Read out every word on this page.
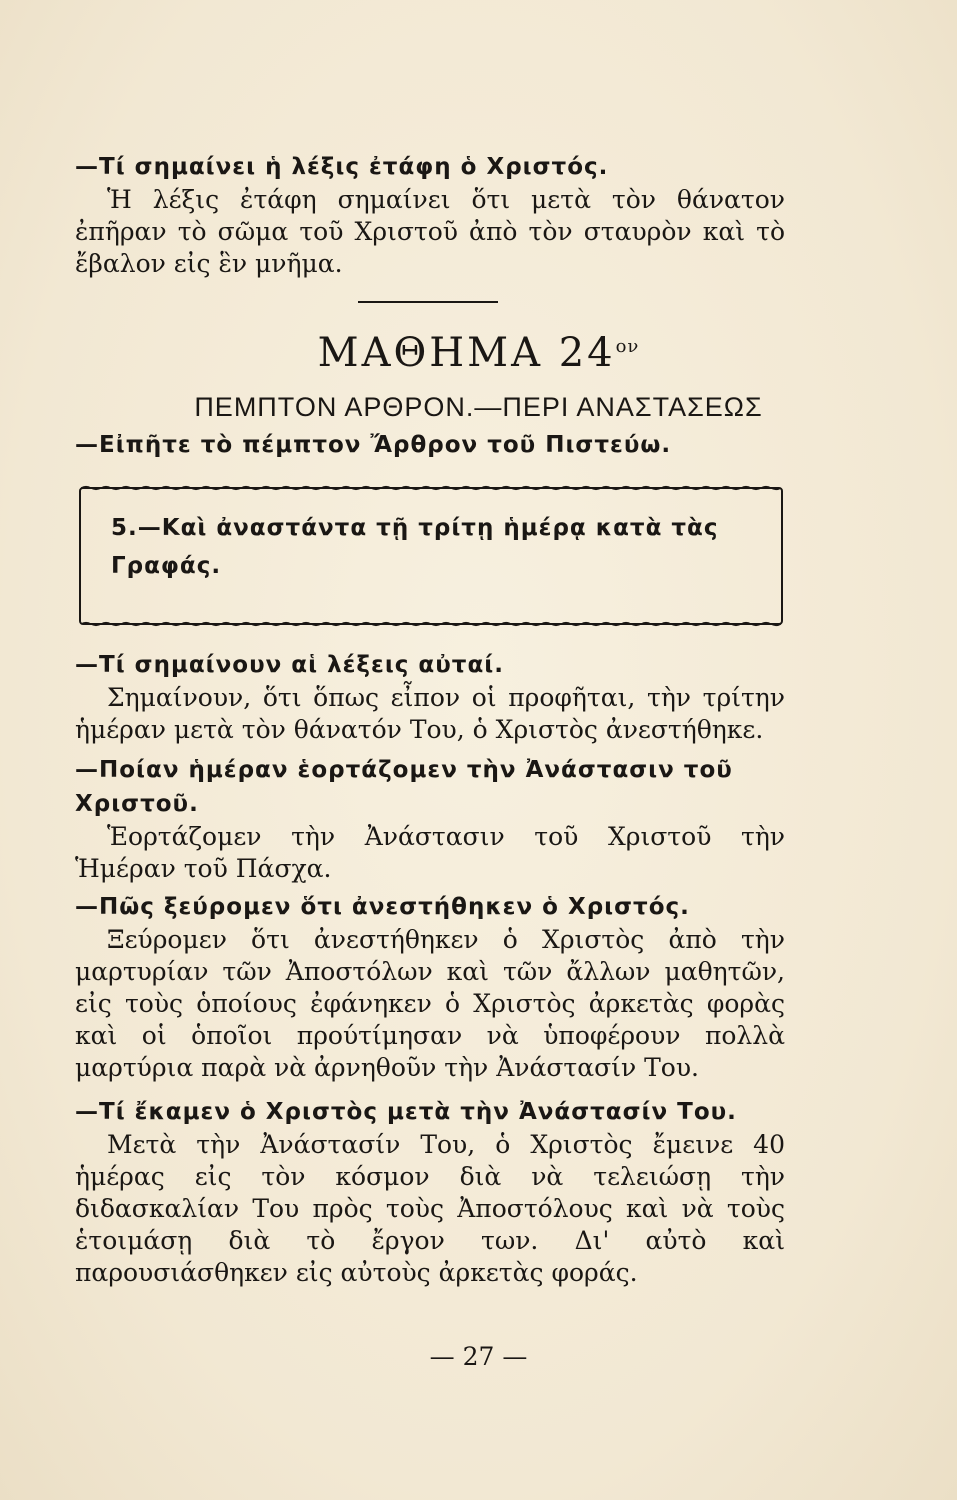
—Τί σημαίνει ἡ λέξις ἐτάφη ὁ Χριστός.

Ἡ λέξις ἐτάφη σημαίνει ὅτι μετὰ τὸν θάνατον ἐπῆραν τὸ σῶμα τοῦ Χριστοῦ ἀπὸ τὸν σταυρὸν καὶ τὸ ἔβαλον εἰς ἓν μνῆμα.

ΜΑΘΗΜΑ $24^{o\nu}$
ΠΕΜΠΤΟΝ ΑΡΘΡΟΝ.—ΠΕΡΙ ΑΝΑΣΤΑΣΕΩΣ

—Εἰπῆτε τὸ πέμπτον Ἄρθρον τοῦ Πιστεύω.

5.—Καὶ ἀναστάντα τῇ τρίτῃ ἡμέρᾳ κατὰ τὰς Γραφάς.

—Τί σημαίνουν αἱ λέξεις αὐταί.

Σημαίνουν, ὅτι ὅπως εἶπον οἱ προφῆται, τὴν τρίτην ἡμέραν μετὰ τὸν θάνατόν Του, ὁ Χριστὸς ἀνεστήθηκε.

—Ποίαν ἡμέραν ἑορτάζομεν τὴν Ἀνάστασιν τοῦ Χριστοῦ.

Ἑορτάζομεν τὴν Ἀνάστασιν τοῦ Χριστοῦ τὴν Ἡμέραν τοῦ Πάσχα.

—Πῶς ξεύρομεν ὅτι ἀνεστήθηκεν ὁ Χριστός.

Ξεύρομεν ὅτι ἀνεστήθηκεν ὁ Χριστὸς ἀπὸ τὴν μαρτυρίαν τῶν Ἀποστόλων καὶ τῶν ἄλλων μαθητῶν, εἰς τοὺς ὁποίους ἐφάνηκεν ὁ Χριστὸς ἀρκετὰς φορὰς καὶ οἱ ὁποῖοι προύτίμησαν νὰ ὑποφέρουν πολλὰ μαρτύρια παρὰ νὰ ἀρνηθοῦν τὴν Ἀνάστασίν Του.

—Τί ἔκαμεν ὁ Χριστὸς μετὰ τὴν Ἀνάστασίν Του.

Μετὰ τὴν Ἀνάστασίν Του, ὁ Χριστὸς ἔμεινε 40 ἡμέρας εἰς τὸν κόσμον διὰ νὰ τελειώσῃ τὴν διδασκαλίαν Του πρὸς τοὺς Ἀποστόλους καὶ νὰ τοὺς ἑτοιμάσῃ διὰ τὸ ἔργον των. Δι' αὐτὸ καὶ παρουσιάσθηκεν εἰς αὐτοὺς ἀρκετὰς φοράς.

— 27 —
